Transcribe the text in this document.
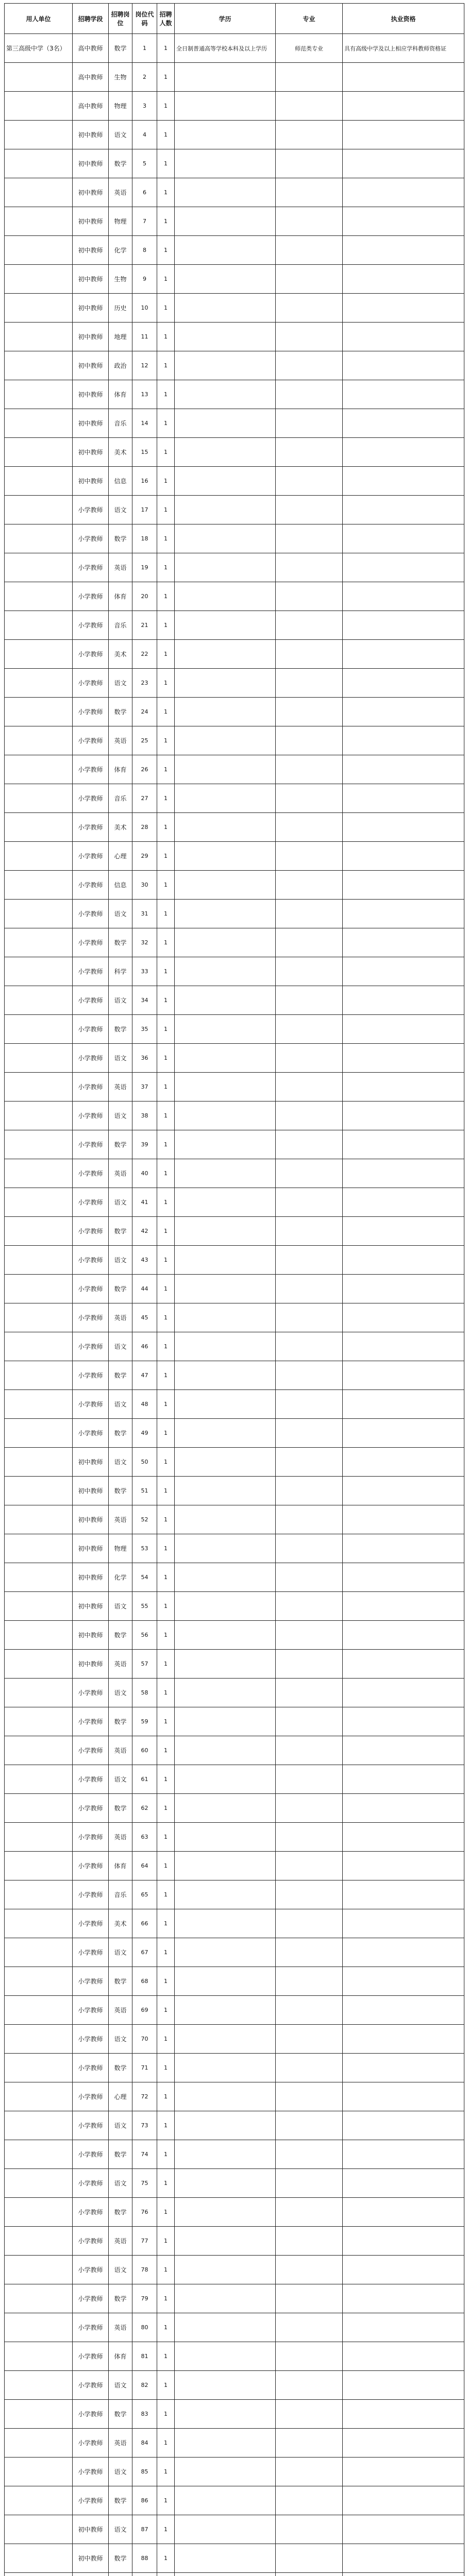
用人单位	招聘学段	招聘岗位	岗位代码	招聘人数	学历	专业	执业资格
第三高级中学（3名）	高中教师	数学	1	1	全日制普通高等学校本科及以上学历	师范类专业	具有高级中学及以上相应学科教师资格证
	高中教师	生物	2	1			
	高中教师	物理	3	1			
	初中教师	语文	4	1			
	初中教师	数学	5	1			
	初中教师	英语	6	1			
	初中教师	物理	7	1			
	初中教师	化学	8	1			
	初中教师	生物	9	1			
	初中教师	历史	10	1			
	初中教师	地理	11	1			
	初中教师	政治	12	1			
	初中教师	体育	13	1			
	初中教师	音乐	14	1			
	初中教师	美术	15	1			
	初中教师	信息	16	1			
	小学教师	语文	17	1			
	小学教师	数学	18	1			
	小学教师	英语	19	1			
	小学教师	体育	20	1			
	小学教师	音乐	21	1			
	小学教师	美术	22	1			
	小学教师	语文	23	1			
	小学教师	数学	24	1			
	小学教师	英语	25	1			
	小学教师	体育	26	1			
	小学教师	音乐	27	1			
	小学教师	美术	28	1			
	小学教师	心理	29	1			
	小学教师	信息	30	1			
	小学教师	语文	31	1			
	小学教师	数学	32	1			
	小学教师	科学	33	1			
	小学教师	语文	34	1			
	小学教师	数学	35	1			
	小学教师	语文	36	1			
	小学教师	英语	37	1			
	小学教师	语文	38	1			
	小学教师	数学	39	1			
	小学教师	英语	40	1			
	小学教师	语文	41	1			
	小学教师	数学	42	1			
	小学教师	语文	43	1			
	小学教师	数学	44	1			
	小学教师	英语	45	1			
	小学教师	语文	46	1			
	小学教师	数学	47	1			
	小学教师	语文	48	1			
	小学教师	数学	49	1			
	初中教师	语文	50	1			
	初中教师	数学	51	1			
	初中教师	英语	52	1			
	初中教师	物理	53	1			
	初中教师	化学	54	1			
	初中教师	语文	55	1			
	初中教师	数学	56	1			
	初中教师	英语	57	1			
	小学教师	语文	58	1			
	小学教师	数学	59	1			
	小学教师	英语	60	1			
	小学教师	语文	61	1			
	小学教师	数学	62	1			
	小学教师	英语	63	1			
	小学教师	体育	64	1			
	小学教师	音乐	65	1			
	小学教师	美术	66	1			
	小学教师	语文	67	1			
	小学教师	数学	68	1			
	小学教师	英语	69	1			
	小学教师	语文	70	1			
	小学教师	数学	71	1			
	小学教师	心理	72	1			
	小学教师	语文	73	1			
	小学教师	数学	74	1			
	小学教师	语文	75	1			
	小学教师	数学	76	1			
	小学教师	英语	77	1			
	小学教师	语文	78	1			
	小学教师	数学	79	1			
	小学教师	英语	80	1			
	小学教师	体育	81	1			
	小学教师	语文	82	1			
	小学教师	数学	83	1			
	小学教师	英语	84	1			
	小学教师	语文	85	1			
	小学教师	数学	86	1			
	初中教师	语文	87	1			
	初中教师	数学	88	1			
